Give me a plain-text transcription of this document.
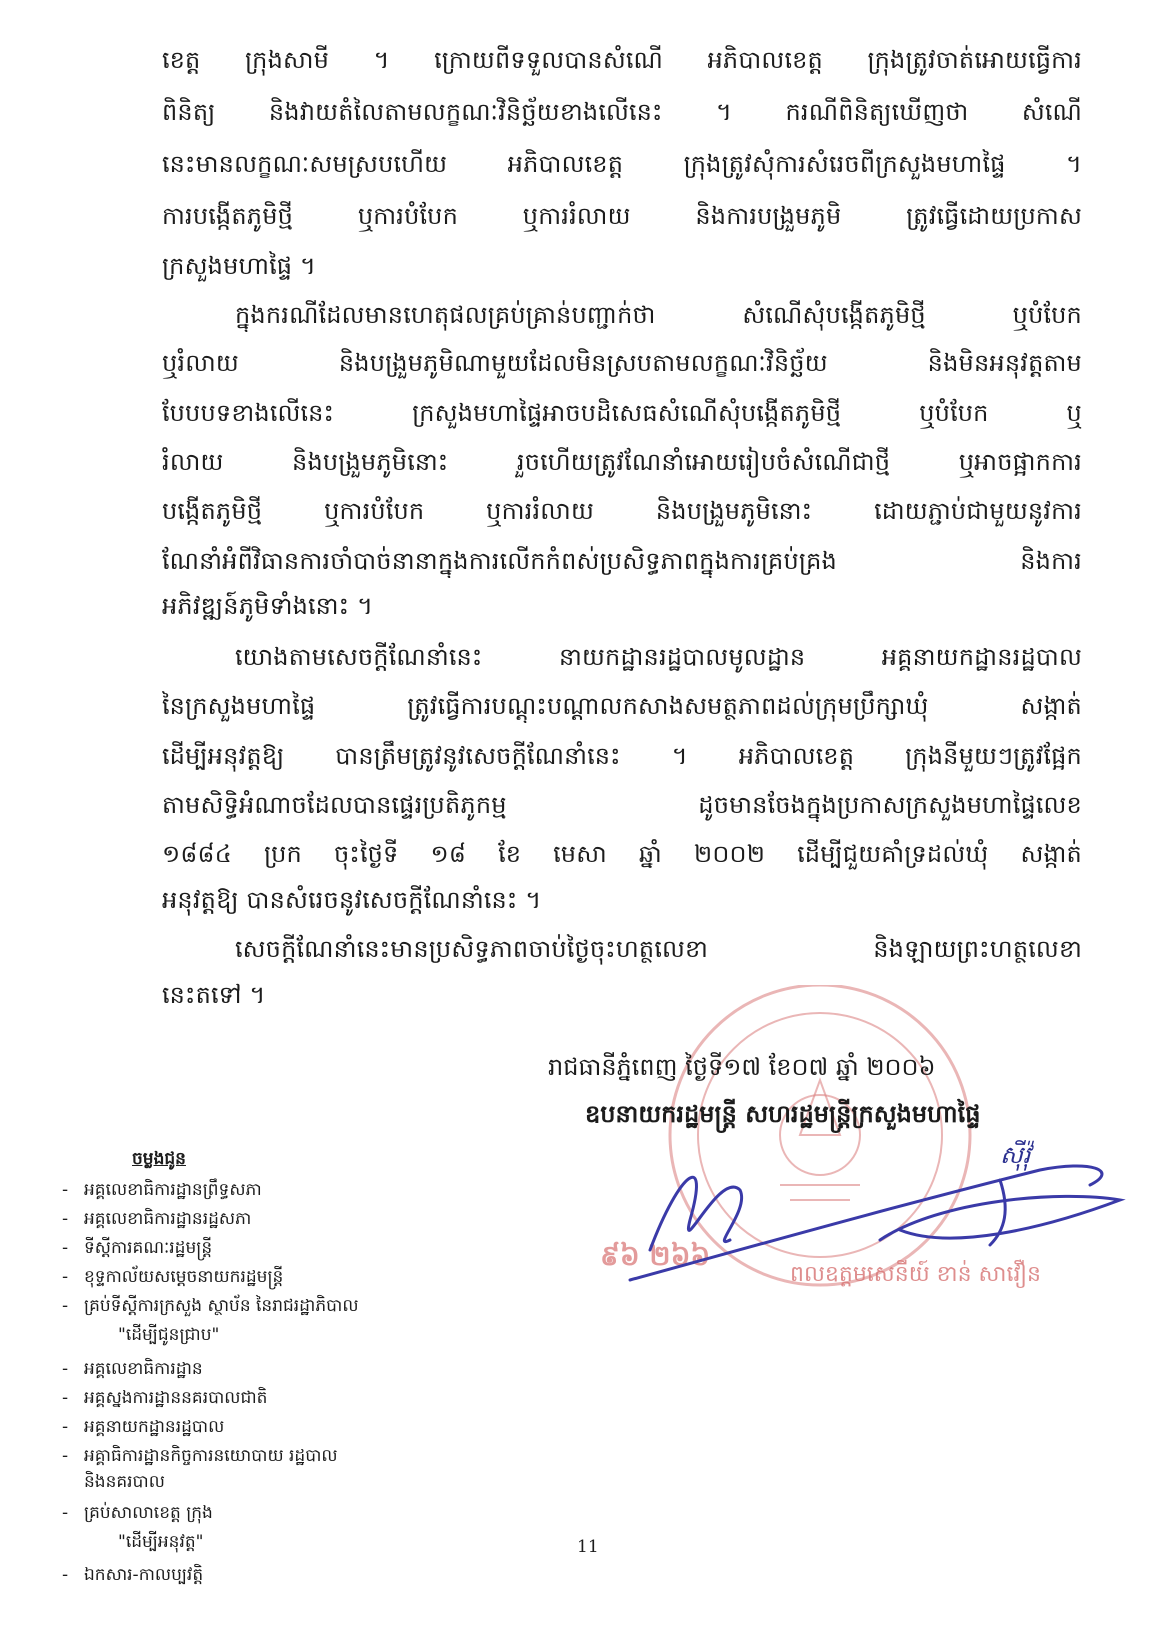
ខេត្ត ក្រុងសាមី ។ ក្រោយពីទទួលបានសំណើ អភិបាលខេត្ត ក្រុងត្រូវចាត់អោយធ្វើការ
ពិនិត្យ និងវាយតំលៃតាមលក្ខណៈវិនិច្ឆ័យខាងលើនេះ ។ ករណីពិនិត្យឃើញថា សំណើ
នេះមានលក្ខណៈសមស្របហើយ អភិបាលខេត្ត ក្រុងត្រូវសុំការសំរេចពីក្រសួងមហាផ្ទៃ ។
ការបង្កើតភូមិថ្មី ឬការបំបែក ឬការរំលាយ និងការបង្រួមភូមិ ត្រូវធ្វើដោយប្រកាស
ក្រសួងមហាផ្ទៃ ។
ក្នុងករណីដែលមានហេតុផលគ្រប់គ្រាន់បញ្ជាក់ថា សំណើសុំបង្កើតភូមិថ្មី ឬបំបែក
ឬរំលាយ និងបង្រួមភូមិណាមួយដែលមិនស្របតាមលក្ខណៈវិនិច្ឆ័យ និងមិនអនុវត្តតាម
បែបបទខាងលើនេះ ក្រសួងមហាផ្ទៃអាចបដិសេធសំណើសុំបង្កើតភូមិថ្មី ឬបំបែក ឬ
រំលាយ និងបង្រួមភូមិនោះ រួចហើយត្រូវណែនាំអោយរៀបចំសំណើជាថ្មី ឬអាចផ្អាកការ
បង្កើតភូមិថ្មី ឬការបំបែក ឬការរំលាយ និងបង្រួមភូមិនោះ ដោយភ្ជាប់ជាមួយនូវការ
ណែនាំអំពីវិធានការចាំបាច់នានាក្នុងការលើកកំពស់ប្រសិទ្ធភាពក្នុងការគ្រប់គ្រង និងការ
អភិវឌ្ឍន៍ភូមិទាំងនោះ ។
យោងតាមសេចក្តីណែនាំនេះ នាយកដ្ឋានរដ្ឋបាលមូលដ្ឋាន អគ្គនាយកដ្ឋានរដ្ឋបាល
នៃក្រសួងមហាផ្ទៃ ត្រូវធ្វើការបណ្តុះបណ្តាលកសាងសមត្ថភាពដល់ក្រុមប្រឹក្សាឃុំ សង្កាត់
ដើម្បីអនុវត្តឱ្យ បានត្រឹមត្រូវនូវសេចក្តីណែនាំនេះ ។ អភិបាលខេត្ត ក្រុងនីមួយៗត្រូវផ្អែក
តាមសិទ្ធិអំណាចដែលបានផ្ទេរប្រតិភូកម្ម ដូចមានចែងក្នុងប្រកាសក្រសួងមហាផ្ទៃលេខ
១៨៨៤ ប្រក ចុះថ្ងៃទី ១៨ ខែ មេសា ឆ្នាំ ២០០២ ដើម្បីជួយគាំទ្រដល់ឃុំ សង្កាត់
អនុវត្តឱ្យ បានសំរេចនូវសេចក្តីណែនាំនេះ ។
សេចក្តីណែនាំនេះមានប្រសិទ្ធភាពចាប់ថ្ងៃចុះហត្ថលេខា និងឡាយព្រះហត្ថលេខា
នេះតទៅ ។
៩៦ ២៦៦
រាជធានីភ្នំពេញ ថ្ងៃទី១៧ ខែ០៧ ឆ្នាំ ២០០៦
ឧបនាយករដ្ឋមន្ត្រី សហរដ្ឋមន្ត្រីក្រសួងមហាផ្ទៃ
ស៊ីវ៉ុ
ពលឧត្តមសេនីយ៍ ខាន់ សាវឿន
ចម្លងជូន
- អគ្គលេខាធិការដ្ឋានព្រឹទ្ធសភា
- អគ្គលេខាធិការដ្ឋានរដ្ឋសភា
- ទីស្តីការគណៈរដ្ឋមន្ត្រី
- ខុទ្ទកាល័យសម្តេចនាយករដ្ឋមន្ត្រី
- គ្រប់ទីស្តីការក្រសួង ស្ថាប័ន នៃរាជរដ្ឋាភិបាល
"ដើម្បីជូនជ្រាប"
- អគ្គលេខាធិការដ្ឋាន
- អគ្គស្នងការដ្ឋាននគរបាលជាតិ
- អគ្គនាយកដ្ឋានរដ្ឋបាល
- អគ្គាធិការដ្ឋានកិច្ចការនយោបាយ រដ្ឋបាល
និងនគរបាល
- គ្រប់សាលាខេត្ត ក្រុង
"ដើម្បីអនុវត្ត"
- ឯកសារ-កាលប្បវត្តិ
11
